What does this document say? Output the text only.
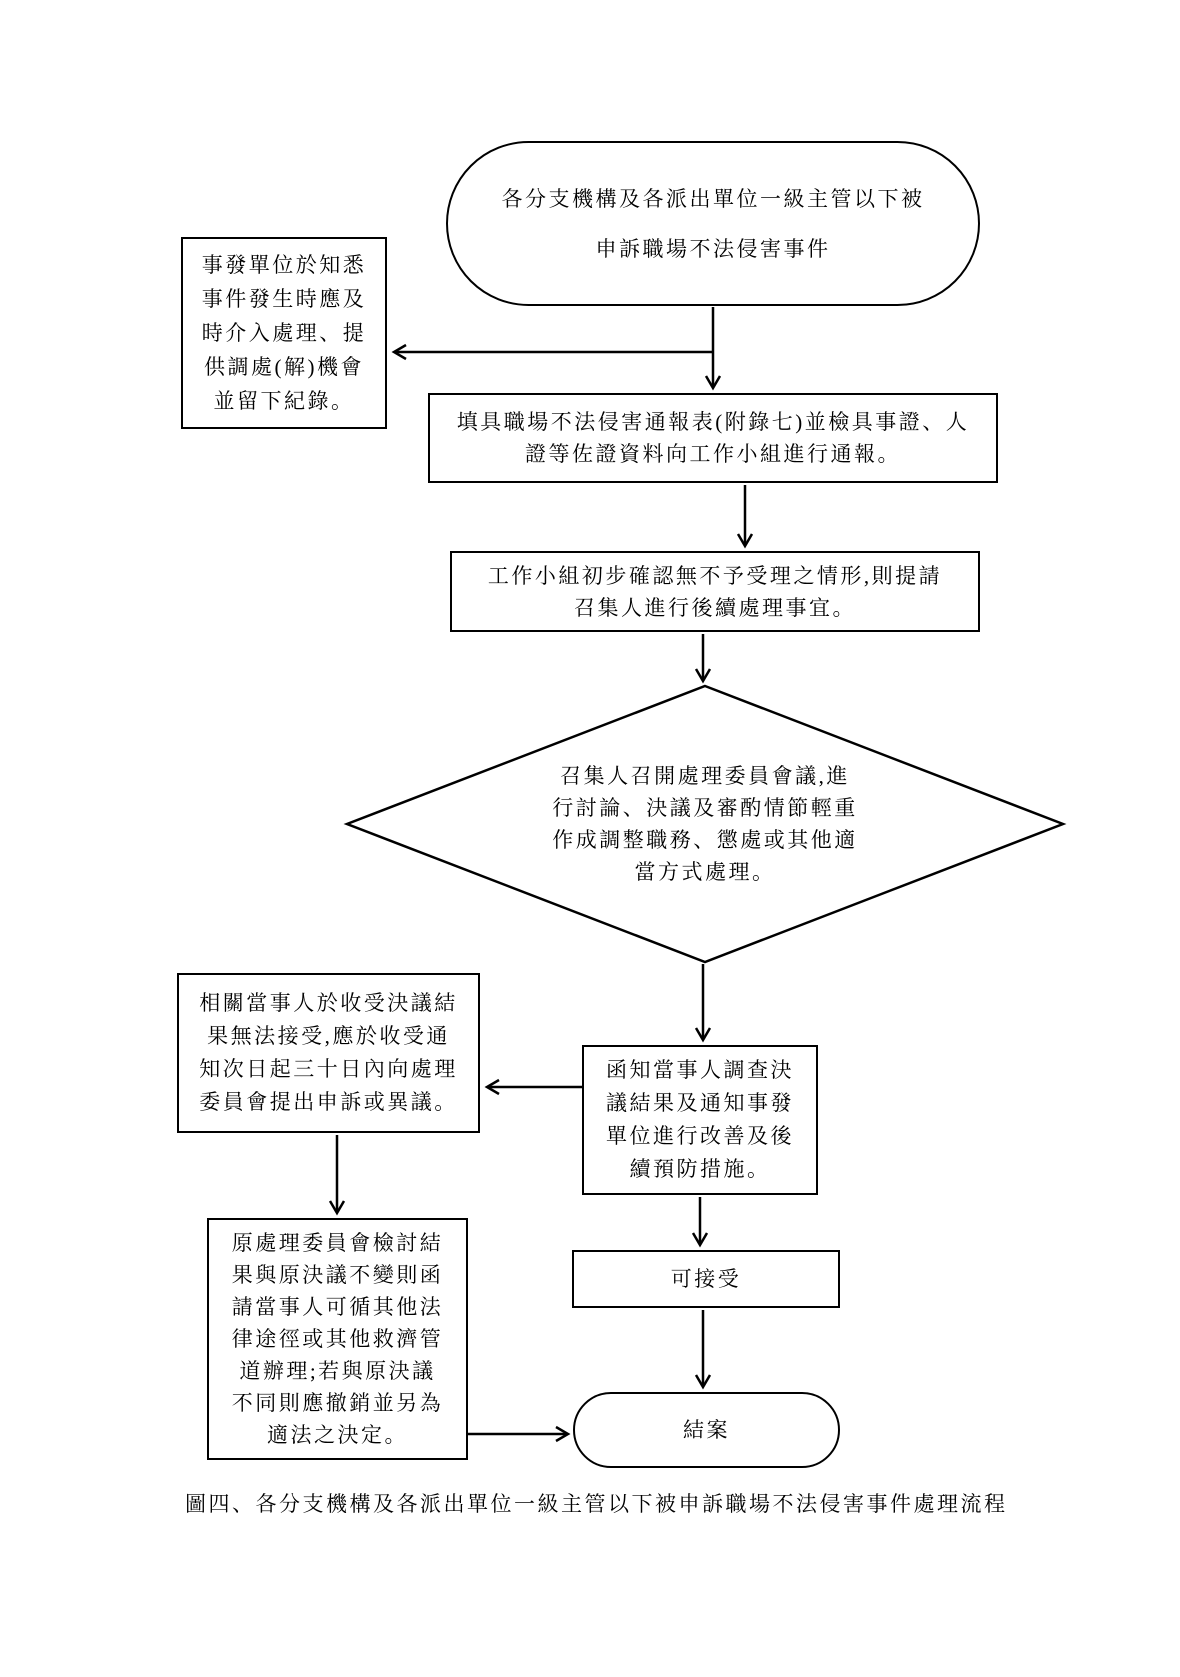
各分支機構及各派出單位一級主管以下被
申訴職場不法侵害事件
事發單位於知悉
事件發生時應及
時介入處理、提
供調處(解)機會
並留下紀錄。
填具職場不法侵害通報表(附錄七)並檢具事證、人
證等佐證資料向工作小組進行通報。
工作小組初步確認無不予受理之情形,則提請
召集人進行後續處理事宜。
召集人召開處理委員會議,進
行討論、決議及審酌情節輕重
作成調整職務、懲處或其他適
當方式處理。
相關當事人於收受決議結
果無法接受,應於收受通
知次日起三十日內向處理
委員會提出申訴或異議。
函知當事人調查決
議結果及通知事發
單位進行改善及後
續預防措施。
原處理委員會檢討結
果與原決議不變則函
請當事人可循其他法
律途徑或其他救濟管
道辦理;若與原決議
不同則應撤銷並另為
適法之決定。
可接受
結案
圖四、各分支機構及各派出單位一級主管以下被申訴職場不法侵害事件處理流程
